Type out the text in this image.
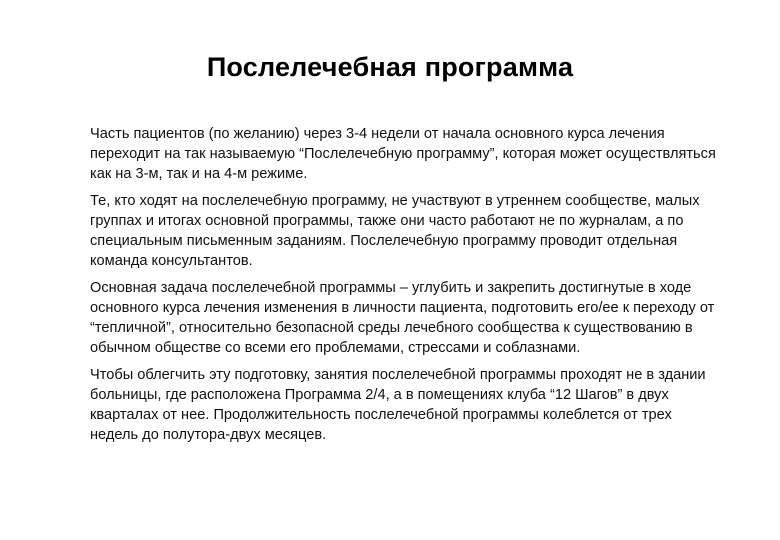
Послелечебная программа

Часть пациентов (по желанию) через 3-4 недели от начала основного курса лечения переходит на так называемую “Послелечебную программу”, которая может осуществляться как на 3-м, так и на 4-м режиме.

Те, кто ходят на послелечебную программу, не участвуют в утреннем сообществе, малых группах и итогах основной программы, также они часто работают не по журналам, а по специальным письменным заданиям. Послелечебную программу проводит отдельная команда консультантов.

Основная задача послелечебной программы – углубить и закрепить достигнутые в ходе основного курса лечения изменения в личности пациента, подготовить его/ее к переходу от “тепличной”, относительно безопасной среды лечебного сообщества к существованию в обычном обществе со всеми его проблемами, стрессами и соблазнами.

Чтобы облегчить эту подготовку, занятия послелечебной программы проходят не в здании больницы, где расположена Программа 2/4, а в помещениях клуба “12 Шагов” в двух кварталах от нее. Продолжительность послелечебной программы колеблется от трех недель до полутора-двух месяцев.
